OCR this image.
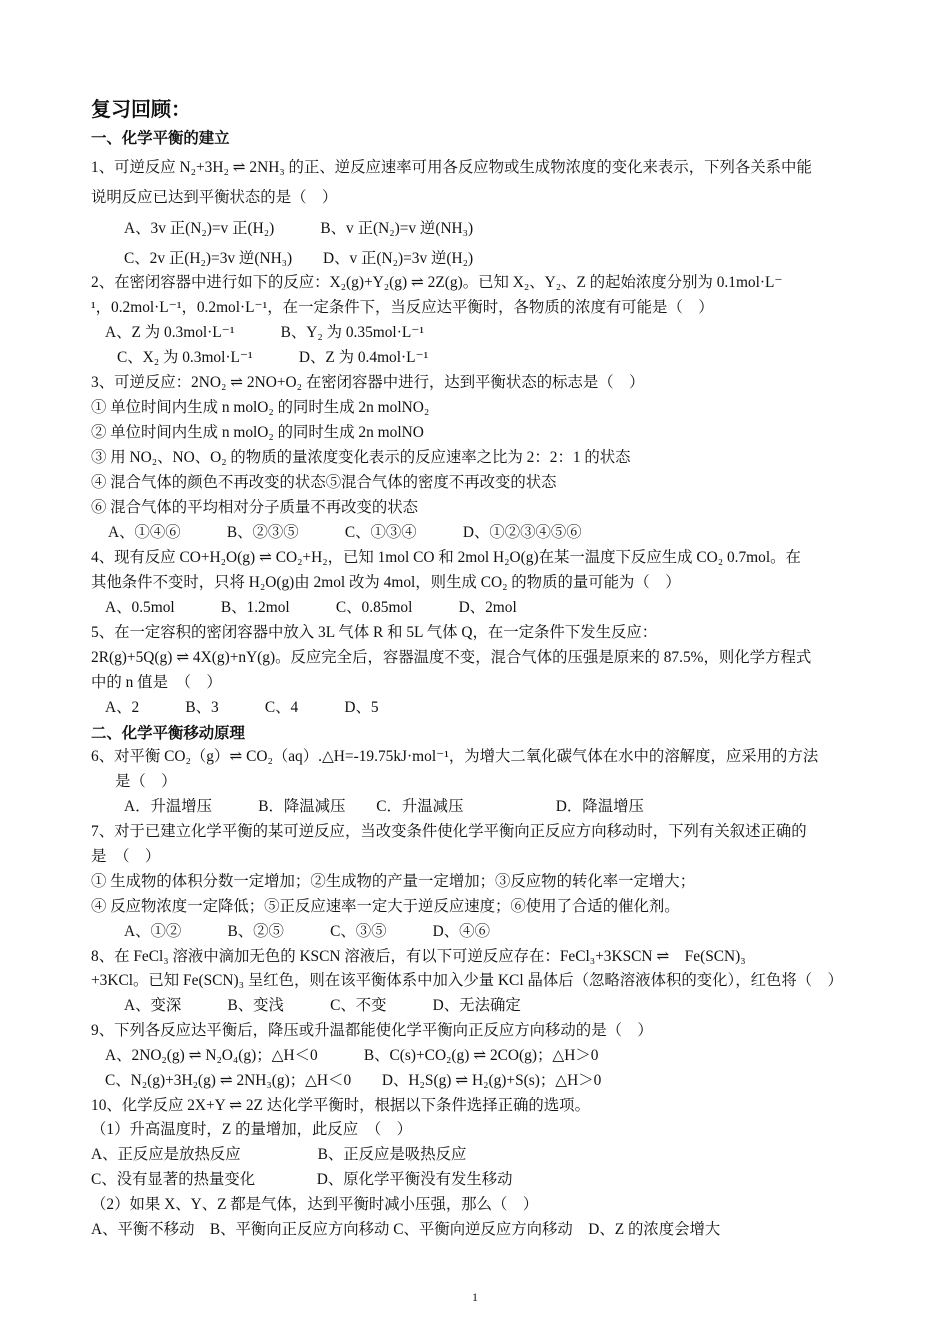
复习回顾：
一、化学平衡的建立
1、可逆反应 N₂+3H₂ ⇌ 2NH₃ 的正、逆反应速率可用各反应物或生成物浓度的变化来表示，下列各关系中能
说明反应已达到平衡状态的是（　）
A、3v 正(N₂)=v 正(H₂)　　　B、v 正(N₂)=v 逆(NH₃)
C、2v 正(H₂)=3v 逆(NH₃)　　D、v 正(N₂)=3v 逆(H₂)
2、在密闭容器中进行如下的反应：X₂(g)+Y₂(g) ⇌ 2Z(g)。已知 X₂、Y₂、Z 的起始浓度分别为 0.1mol·L⁻
¹，0.2mol·L⁻¹，0.2mol·L⁻¹，在一定条件下，当反应达平衡时，各物质的浓度有可能是（　）
A、Z 为 0.3mol·L⁻¹　　　B、Y₂ 为 0.35mol·L⁻¹
C、X₂ 为 0.3mol·L⁻¹　　　D、Z 为 0.4mol·L⁻¹
3、可逆反应：2NO₂ ⇌ 2NO+O₂ 在密闭容器中进行，达到平衡状态的标志是（　）
① 单位时间内生成 n molO₂ 的同时生成 2n molNO₂
② 单位时间内生成 n molO₂ 的同时生成 2n molNO
③ 用 NO₂、NO、O₂ 的物质的量浓度变化表示的反应速率之比为 2：2：1 的状态
④ 混合气体的颜色不再改变的状态⑤混合气体的密度不再改变的状态
⑥ 混合气体的平均相对分子质量不再改变的状态
A、①④⑥　　　B、②③⑤　　　C、①③④　　　D、①②③④⑤⑥
4、现有反应 CO+H₂O(g) ⇌ CO₂+H₂，已知 1mol CO 和 2mol H₂O(g)在某一温度下反应生成 CO₂ 0.7mol。在
其他条件不变时，只将 H₂O(g)由 2mol 改为 4mol，则生成 CO₂ 的物质的量可能为（　）
A、0.5mol　　　B、1.2mol　　　C、0.85mol　　　D、2mol
5、在一定容积的密闭容器中放入 3L 气体 R 和 5L 气体 Q，在一定条件下发生反应：
2R(g)+5Q(g) ⇌ 4X(g)+nY(g)。反应完全后，容器温度不变，混合气体的压强是原来的 87.5%，则化学方程式
中的 n 值是　（　）
A、2　　　B、3　　　C、4　　　D、5
二、化学平衡移动原理
6、对平衡 CO₂（g）⇌ CO₂（aq）.△H=-19.75kJ·mol⁻¹，为增大二氧化碳气体在水中的溶解度，应采用的方法
是（　）
A．升温增压　　　B．降温减压　　C．升温减压　　　　　　D．降温增压
7、对于已建立化学平衡的某可逆反应，当改变条件使化学平衡向正反应方向移动时，下列有关叙述正确的
是　（　）
① 生成物的体积分数一定增加；②生成物的产量一定增加；③反应物的转化率一定增大；
④ 反应物浓度一定降低；⑤正反应速率一定大于逆反应速度；⑥使用了合适的催化剂。
A、①②　　　B、②⑤　　　C、③⑤　　　D、④⑥
8、在 FeCl₃ 溶液中滴加无色的 KSCN 溶液后，有以下可逆反应存在：FeCl₃+3KSCN ⇌　Fe(SCN)₃
+3KCl。已知 Fe(SCN)₃ 呈红色，则在该平衡体系中加入少量 KCl 晶体后（忽略溶液体积的变化），红色将（　）
A、变深　　　B、变浅　　　C、不变　　　D、无法确定
9、下列各反应达平衡后，降压或升温都能使化学平衡向正反应方向移动的是（　）
A、2NO₂(g) ⇌ N₂O₄(g)；△H＜0　　　B、C(s)+CO₂(g) ⇌ 2CO(g)；△H＞0
C、N₂(g)+3H₂(g) ⇌ 2NH₃(g)；△H＜0　　D、H₂S(g) ⇌ H₂(g)+S(s)；△H＞0
10、化学反应 2X+Y ⇌ 2Z 达化学平衡时，根据以下条件选择正确的选项。
（1）升高温度时，Z 的量增加，此反应　（　）
A、正反应是放热反应　　　　　B、正反应是吸热反应
C、没有显著的热量变化　　　　D、原化学平衡没有发生移动
（2）如果 X、Y、Z 都是气体，达到平衡时减小压强，那么（　）
A、平衡不移动　B、平衡向正反应方向移动 C、平衡向逆反应方向移动　D、Z 的浓度会增大
1
